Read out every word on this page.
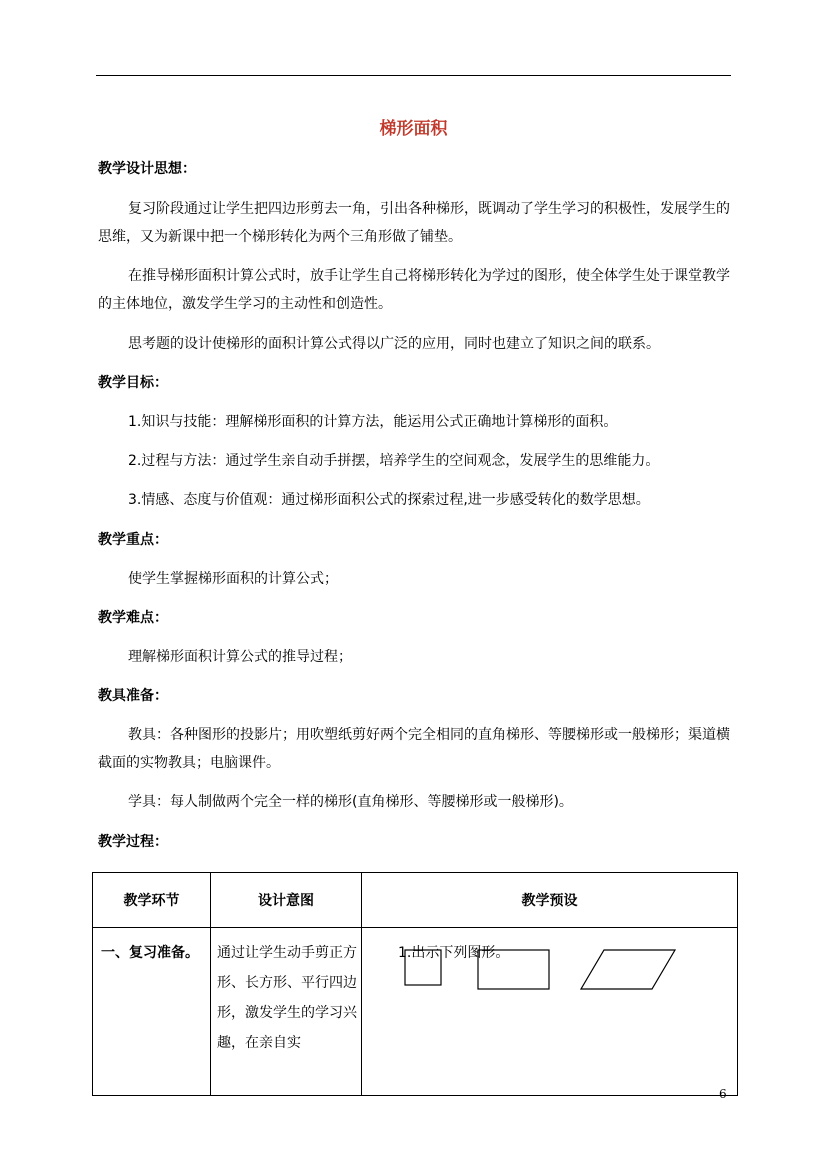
梯形面积

教学设计思想：

复习阶段通过让学生把四边形剪去一角，引出各种梯形，既调动了学生学习的积极性，发展学生的思维，又为新课中把一个梯形转化为两个三角形做了铺垫。

在推导梯形面积计算公式时，放手让学生自己将梯形转化为学过的图形，使全体学生处于课堂教学的主体地位，激发学生学习的主动性和创造性。

思考题的设计使梯形的面积计算公式得以广泛的应用，同时也建立了知识之间的联系。

教学目标：

1.知识与技能：理解梯形面积的计算方法，能运用公式正确地计算梯形的面积。

2.过程与方法：通过学生亲自动手拼摆，培养学生的空间观念，发展学生的思维能力。

3.情感、态度与价值观：通过梯形面积公式的探索过程,进一步感受转化的数学思想。

教学重点：

使学生掌握梯形面积的计算公式；

教学难点：

理解梯形面积计算公式的推导过程；

教具准备：

教具：各种图形的投影片；用吹塑纸剪好两个完全相同的直角梯形、等腰梯形或一般梯形；渠道横截面的实物教具；电脑课件。

学具：每人制做两个完全一样的梯形(直角梯形、等腰梯形或一般梯形)。

教学过程：

教学环节	设计意图	教学预设
一、复习准备。	通过让学生动手剪正方形、长方形、平行四边形，激发学生的学习兴趣，在亲自实	1.出示下列图形。
6
